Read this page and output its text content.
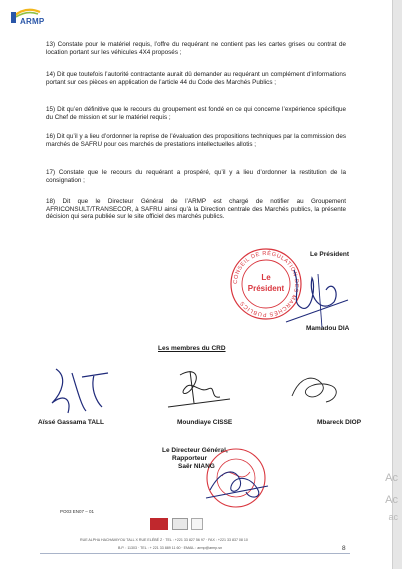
ARMP
13) Constate pour le matériel requis, l’offre du requérant ne contient pas les cartes grises ou contrat de location portant sur les véhicules 4X4 proposés ;
14) Dit que toutefois l’autorité contractante aurait dû demander au requérant un complément d’informations portant sur ces pièces en application de l’article 44 du Code des Marchés Publics ;
15) Dit qu’en définitive que le recours du groupement est fondé en ce qui concerne l’expérience spécifique du Chef de mission et sur le matériel requis ;
16) Dit qu’il y a lieu d’ordonner la reprise de l’évaluation des propositions techniques par la commission des marchés de SAFRU pour ces marchés de prestations intellectuelles allotis ;
17) Constate que le recours du requérant a prospéré, qu’il y a lieu d’ordonner la restitution de la consignation ;
18) Dit que le Directeur Général de l’ARMP est chargé de notifier au Groupement AFRICONSULT/TRANSECOR, à SAFRU ainsi qu’à la Direction centrale des Marchés publics, la présente décision qui sera publiée sur le site officiel des marchés publics.
CONSEIL DE RÉGULATION DES MARCHÉS PUBLICS
Le
Président
Le Président
Mamadou DIA
Les membres du CRD
Aïssé Gassama TALL	Moundiaye CISSE	Mbareck DIOP
Le Directeur Général,
Rapporteur
Saër NIANG
PO03 EN07 – 01
RUE ALPHA HACHAMIYOU TALL X RUE ELÉBÉ Z · TEL : +221 33 827 56 97 · FAX : +221 33 837 08 10
B.P. : 11303 · TEL : + 221 33 889 11 60 · EMAIL : armp@armp.sn	8
Ac
Ac
ac
